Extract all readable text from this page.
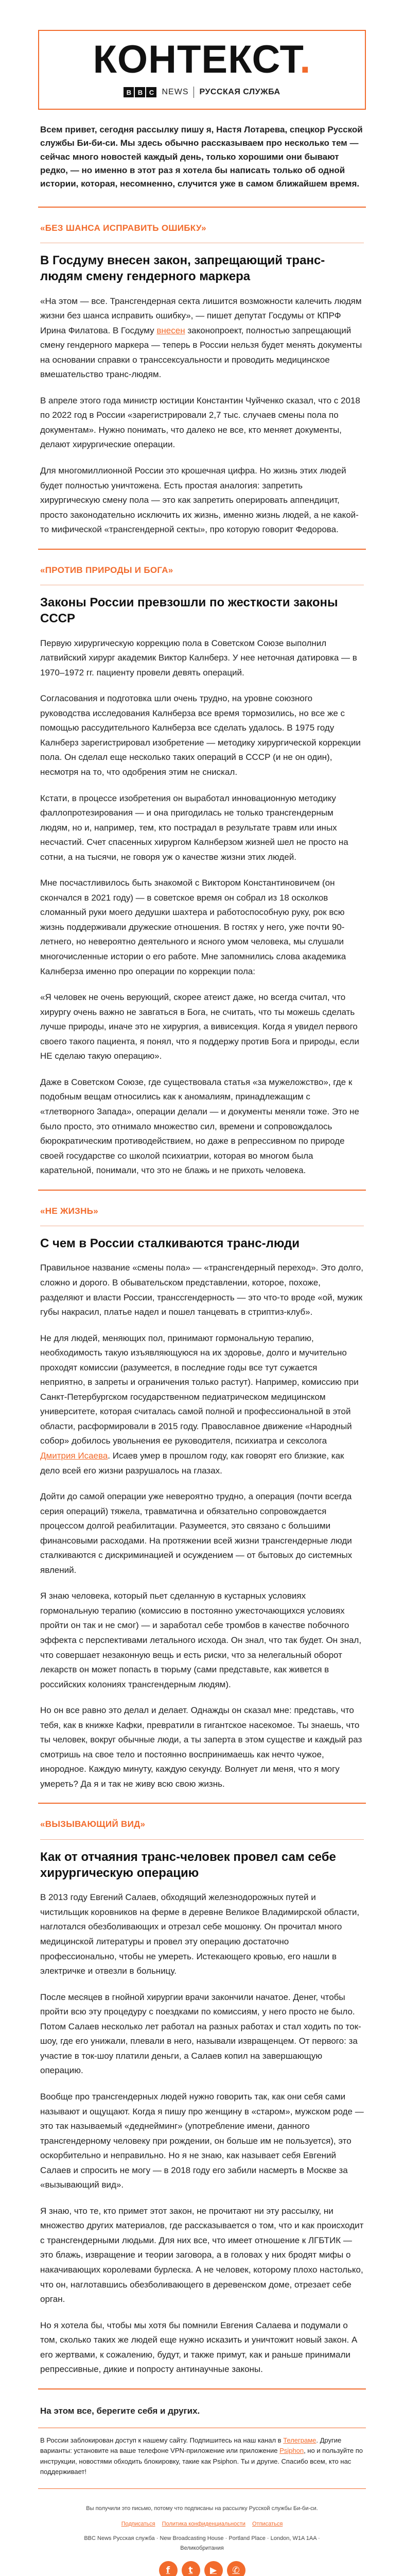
КОНТЕКСТ.
B B C NEWS РУССКАЯ СЛУЖБА
Всем привет, сегодня рассылку пишу я, Настя Лотарева, спецкор Русской службы Би-би-си. Мы здесь обычно рассказываем про несколько тем — сейчас много новостей каждый день, только хорошими они бывают редко, — но именно в этот раз я хотела бы написать только об одной истории, которая, несомненно, случится уже в самом ближайшем время.
«БЕЗ ШАНСА ИСПРАВИТЬ ОШИБКУ»
В Госдуму внесен закон, запрещающий транс-людям смену гендерного маркера

«На этом — все. Трансгендерная секта лишится возможности калечить людям жизни без шанса исправить ошибку», — пишет депутат Госдумы от КПРФ Ирина Филатова. В Госдуму внесен законопроект, полностью запрещающий смену гендерного маркера — теперь в России нельзя будет менять документы на основании справки о транссексуальности и проводить медицинское вмешательство транс-людям.

В апреле этого года министр юстиции Константин Чуйченко сказал, что с 2018 по 2022 год в России «зарегистрировали 2,7 тыс. случаев смены пола по документам». Нужно понимать, что далеко не все, кто меняет документы, делают хирургические операции.

Для многомиллионной России это крошечная цифра. Но жизнь этих людей будет полностью уничтожена. Есть простая аналогия: запретить хирургическую смену пола — это как запретить оперировать аппендицит, просто законодательно исключить их жизнь, именно жизнь людей, а не какой-то мифической «трансгендерной секты», про которую говорит Федорова.

«ПРОТИВ ПРИРОДЫ И БОГА»
Законы России превзошли по жесткости законы СССР

Первую хирургическую коррекцию пола в Советском Союзе выполнил латвийский хирург академик Виктор Калнберз. У нее неточная датировка — в 1970–1972 гг. пациенту провели девять операций.

Согласования и подготовка шли очень трудно, на уровне союзного руководства исследования Калнберза все время тормозились, но все же с помощью рассудительного Калнберза все сделать удалось. В 1975 году Калнберз зарегистрировал изобретение — методику хирургической коррекции пола. Он сделал еще несколько таких операций в СССР (и не он один), несмотря на то, что одобрения этим не снискал.

Кстати, в процессе изобретения он выработал инновационную методику фаллопротезирования — и она пригодилась не только трансгендерным людям, но и, например, тем, кто пострадал в результате травм или иных несчастий. Счет спасенных хирургом Калнберзом жизней шел не просто на сотни, а на тысячи, не говоря уж о качестве жизни этих людей.

Мне посчастливилось быть знакомой с Виктором Константиновичем (он скончался в 2021 году) — в советское время он собрал из 18 осколков сломанный руки моего дедушки шахтера и работоспособную руку, рок всю жизнь поддерживали дружеские отношения. В гостях у него, уже почти 90-летнего, но невероятно деятельного и ясного умом человека, мы слушали многочисленные истории о его работе. Мне запомнились слова академика Калнберза именно про операции по коррекции пола:

«Я человек не очень верующий, скорее атеист даже, но всегда считал, что хирургу очень важно не завгаться в Бога, не считать, что ты можешь сделать лучше природы, иначе это не хирургия, а вивисекция. Когда я увидел первого своего такого пациента, я понял, что я поддержу против Бога и природы, если НЕ сделаю такую операцию».

Даже в Советском Союзе, где существовала статья «за мужеложство», где к подобным вещам относились как к аномалиям, принадлежащим с «тлетворного Запада», операции делали — и документы меняли тоже. Это не было просто, это отнимало множество сил, времени и сопровождалось бюрократическим противодействием, но даже в репрессивном по природе своей государстве со школой психиатрии, которая во многом была карательной, понимали, что это не блажь и не прихоть человека.

«НЕ ЖИЗНЬ»
С чем в России сталкиваются транс-люди

Правильное название «смены пола» — «трансгендерный переход». Это долго, сложно и дорого. В обывательском представлении, которое, похоже, разделяют и власти России, транссгендерность — это что-то вроде «ой, мужик губы накрасил, платье надел и пошел танцевать в стриптиз-клуб».

Не для людей, меняющих пол, принимают гормональную терапию, необходимость такую изъявляющуюся на их здоровье, долго и мучительно проходят комиссии (разумеется, в последние годы все тут сужается неприятно, в запреты и ограничения только растут). Например, комиссию при Санкт-Петербургском государственном педиатрическом медицинском университете, которая считалась самой полной и профессиональной в этой области, расформировали в 2015 году. Православное движение «Народный собор» добилось увольнения ее руководителя, психиатра и сексолога Дмитрия Исаева. Исаев умер в прошлом году, как говорят его близкие, как дело всей его жизни разрушалось на глазах.

Дойти до самой операции уже невероятно трудно, а операция (почти всегда серия операций) тяжела, травматична и обязательно сопровождается процессом долгой реабилитации. Разумеется, это связано с большими финансовыми расходами. На протяжении всей жизни трансгендерные люди сталкиваются с дискриминацией и осуждением — от бытовых до системных явлений.

Я знаю человека, который пьет сделанную в кустарных условиях гормональную терапию (комиссию в постоянно ужесточающихся условиях пройти он так и не смог) — и заработал себе тромбов в качестве побочного эффекта с перспективами летального исхода. Он знал, что так будет. Он знал, что совершает незаконную вещь и есть риски, что за нелегальный оборот лекарств он может попасть в тюрьму (сами представьте, как живется в российских колониях трансгендерным людям).

Но он все равно это делал и делает. Однажды он сказал мне: представь, что тебя, как в книжке Кафки, превратили в гигантское насекомое. Ты знаешь, что ты человек, вокруг обычные люди, а ты заперта в этом существе и каждый раз смотришь на свое тело и постоянно воспринимаешь как нечто чужое, инородное. Каждую минуту, каждую секунду. Волнует ли меня, что я могу умереть? Да я и так не живу всю свою жизнь.

«ВЫЗЫВАЮЩИЙ ВИД»
Как от отчаяния транс-человек провел сам себе хирургическую операцию

В 2013 году Евгений Салаев, обходящий железнодорожных путей и чистильщик коровников на ферме в деревне Великое Владимирской области, наглотался обезболивающих и отрезал себе мошонку. Он прочитал много медицинской литературы и провел эту операцию достаточно профессионально, чтобы не умереть. Истекающего кровью, его нашли в электричке и отвезли в больницу.

После месяцев в гнойной хирургии врачи закончили начатое. Денег, чтобы пройти всю эту процедуру с поездками по комиссиям, у него просто не было. Потом Салаев несколько лет работал на разных работах и стал ходить по ток-шоу, где его унижали, плевали в него, называли извращенцем. От первого: за участие в ток-шоу платили деньги, а Салаев копил на завершающую операцию.

Вообще про трансгендерных людей нужно говорить так, как они себя сами называют и ощущают. Когда я пишу про женщину в «старом», мужском роде — это так называемый «деднейминг» (употребление имени, данного трансгендерному человеку при рождении, он больше им не пользуется), это оскорбительно и неправильно. Но я не знаю, как называет себя Евгений Салаев и спросить не могу — в 2018 году его забили насмерть в Москве за «вызывающий вид».

Я знаю, что те, кто примет этот закон, не прочитают ни эту рассылку, ни множество других материалов, где рассказывается о том, что и как происходит с трансгендерными людьми. Для них все, что имеет отношение к ЛГБТИК — это блажь, извращение и теории заговора, а в головах у них бродят мифы о накачивающих королевами бурлеска. А не человек, которому плохо настолько, что он, наглотавшись обезболивающего в деревенском доме, отрезает себе орган.

Но я хотела бы, чтобы мы хотя бы помнили Евгения Салаева и подумали о том, сколько таких же людей еще нужно исказить и уничтожит новый закон. А его жертвами, к сожалению, будут, и также примут, как и раньше принимали репрессивные, дикие и попросту антинаучные законы.

На этом все, берегите себя и других.
В России заблокирован доступ к нашему сайту. Подпишитесь на наш канал в Телеграме. Другие варианты: установите на ваше телефоне VPN-приложение или приложение Psiphon, но и пользуйте по инструкции, новостями обходить блокировку, такие как Psiphon. Ты и другие. Спасибо всем, кто нас поддерживает!
Вы получили это письмо, потому что подписаны на рассылку Русской службы Би-би-си.
Подписаться Политика конфиденциальности Отписаться
BBC News Русская служба · New Broadcasting House · Portland Place · London, W1A 1AA · Великобритания
f	t	▶	✆
